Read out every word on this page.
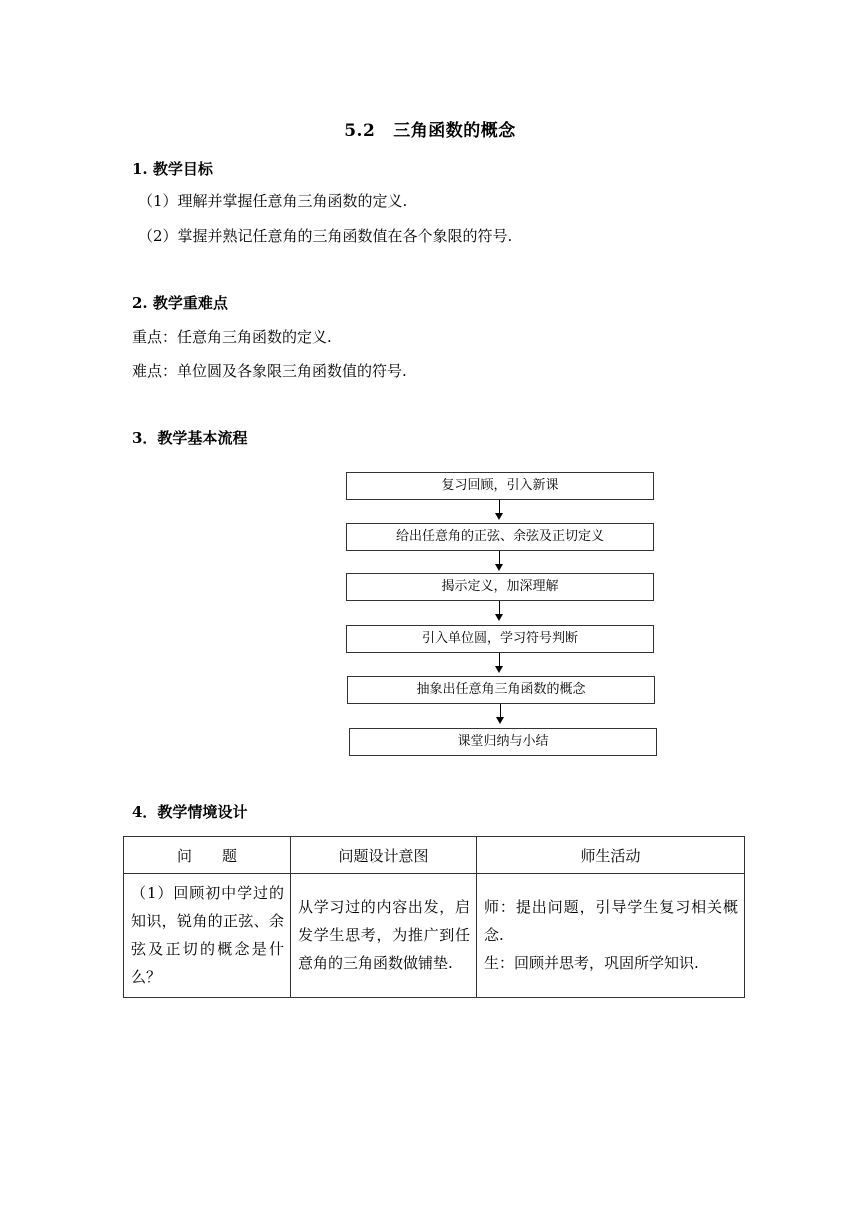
5.2 三角函数的概念
1. 教学目标
（1）理解并掌握任意角三角函数的定义.
（2）掌握并熟记任意角的三角函数值在各个象限的符号.
2. 教学重难点
重点：任意角三角函数的定义.
难点：单位圆及各象限三角函数值的符号.
3．教学基本流程
复习回顾，引入新课
给出任意角的正弦、余弦及正切定义
揭示定义，加深理解
引入单位圆，学习符号判断
抽象出任意角三角函数的概念
课堂归纳与小结
4．教学情境设计
问　　题	问题设计意图	师生活动
（1）回顾初中学过的知识，锐角的正弦、余弦及正切的概念是什么？	从学习过的内容出发，启发学生思考，为推广到任意角的三角函数做铺垫.	师：提出问题，引导学生复习相关概念.
生：回顾并思考，巩固所学知识.
